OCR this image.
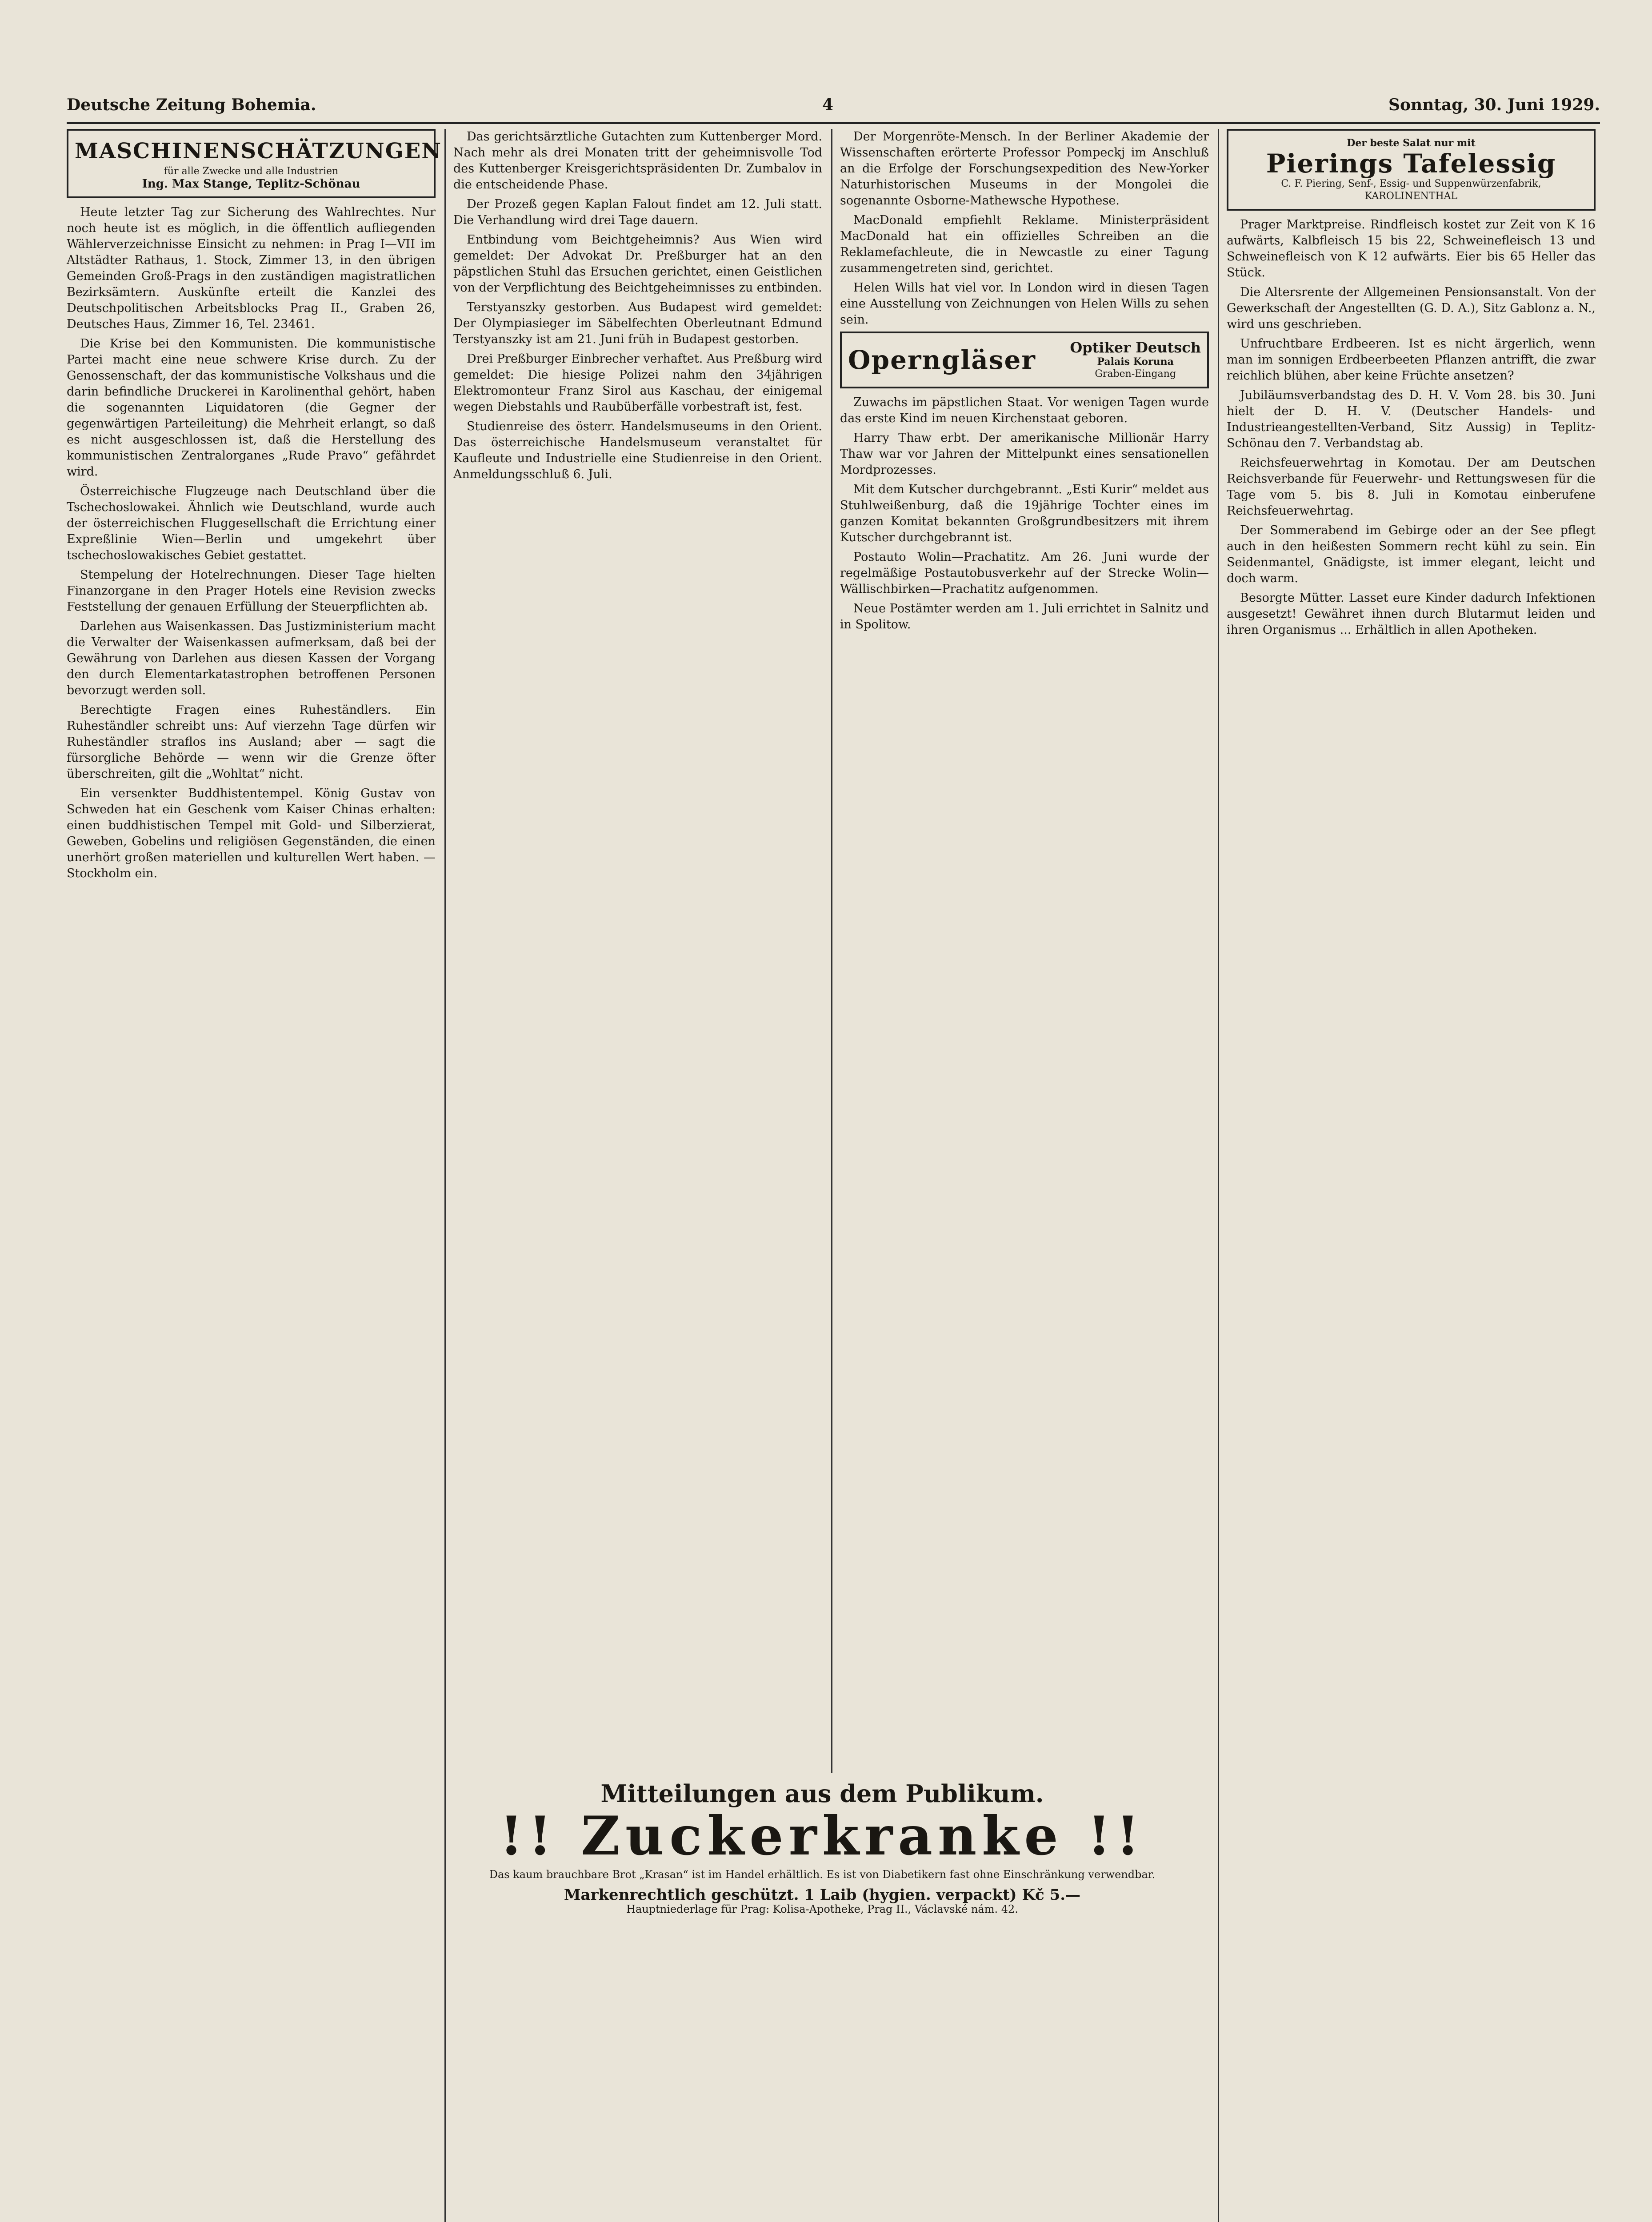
Deutsche Zeitung Bohemia.	4	Sonntag, 30. Juni 1929.
MASCHINENSCHÄTZUNGEN
für alle Zwecke und alle Industrien
Ing. Max Stange, Teplitz-Schönau

Heute letzter Tag zur Sicherung des Wahlrechtes. Nur noch heute ist es möglich, in die öffentlich aufliegenden Wählerverzeichnisse Einsicht zu nehmen: in Prag I—VII im Altstädter Rathaus, 1. Stock, Zimmer 13, in den übrigen Gemeinden Groß-Prags in den zuständigen magistratlichen Bezirksämtern. Auskünfte erteilt die Kanzlei des Deutschpolitischen Arbeitsblocks Prag II., Graben 26, Deutsches Haus, Zimmer 16, Tel. 23461.

Die Krise bei den Kommunisten. Die kommunistische Partei macht eine neue schwere Krise durch. Zu der Genossenschaft, der das kommunistische Volkshaus und die darin befindliche Druckerei in Karolinenthal gehört, haben die sogenannten Liquidatoren (die Gegner der gegenwärtigen Parteileitung) die Mehrheit erlangt, so daß es nicht ausgeschlossen ist, daß die Herstellung des kommunistischen Zentralorganes „Rude Pravo“ gefährdet wird.

Österreichische Flugzeuge nach Deutschland über die Tschechoslowakei. Ähnlich wie Deutschland, wurde auch der österreichischen Fluggesellschaft die Errichtung einer Expreßlinie Wien—Berlin und umgekehrt über tschechoslowakisches Gebiet gestattet.

Stempelung der Hotelrechnungen. Dieser Tage hielten Finanzorgane in den Prager Hotels eine Revision zwecks Feststellung der genauen Erfüllung der Steuerpflichten ab.

Darlehen aus Waisenkassen. Das Justizministerium macht die Verwalter der Waisenkassen aufmerksam, daß bei der Gewährung von Darlehen aus diesen Kassen der Vorgang den durch Elementarkatastrophen betroffenen Personen bevorzugt werden soll.

Berechtigte Fragen eines Ruheständlers. Ein Ruheständler schreibt uns: Auf vierzehn Tage dürfen wir Ruheständler straflos ins Ausland; aber — sagt die fürsorgliche Behörde — wenn wir die Grenze öfter überschreiten, gilt die „Wohltat“ nicht.

Ein versenkter Buddhistentempel. König Gustav von Schweden hat ein Geschenk vom Kaiser Chinas erhalten: einen buddhistischen Tempel mit Gold- und Silberzierat, Geweben, Gobelins und religiösen Gegenständen, die einen unerhört großen materiellen und kulturellen Wert haben. — Stockholm ein.

Das gerichtsärztliche Gutachten zum Kuttenberger Mord. Nach mehr als drei Monaten tritt der geheimnisvolle Tod des Kuttenberger Kreisgerichtspräsidenten Dr. Zumbalov in die entscheidende Phase.

Der Prozeß gegen Kaplan Falout findet am 12. Juli statt. Die Verhandlung wird drei Tage dauern.

Entbindung vom Beichtgeheimnis? Aus Wien wird gemeldet: Der Advokat Dr. Preßburger hat an den päpstlichen Stuhl das Ersuchen gerichtet, einen Geistlichen von der Verpflichtung des Beichtgeheimnisses zu entbinden.

Terstyanszky gestorben. Aus Budapest wird gemeldet: Der Olympiasieger im Säbelfechten Oberleutnant Edmund Terstyanszky ist am 21. Juni früh in Budapest gestorben.

Drei Preßburger Einbrecher verhaftet. Aus Preßburg wird gemeldet: Die hiesige Polizei nahm den 34jährigen Elektromonteur Franz Sirol aus Kaschau, der einigemal wegen Diebstahls und Raubüberfälle vorbestraft ist, fest.

Studienreise des österr. Handelsmuseums in den Orient. Das österreichische Handelsmuseum veranstaltet für Kaufleute und Industrielle eine Studienreise in den Orient. Anmeldungsschluß 6. Juli.

Der Morgenröte-Mensch. In der Berliner Akademie der Wissenschaften erörterte Professor Pompeckj im Anschluß an die Erfolge der Forschungsexpedition des New-Yorker Naturhistorischen Museums in der Mongolei die sogenannte Osborne-Mathewsche Hypothese.

MacDonald empfiehlt Reklame. Ministerpräsident MacDonald hat ein offizielles Schreiben an die Reklamefachleute, die in Newcastle zu einer Tagung zusammengetreten sind, gerichtet.

Helen Wills hat viel vor. In London wird in diesen Tagen eine Ausstellung von Zeichnungen von Helen Wills zu sehen sein.

Operngläser Optiker Deutsch
Palais Koruna
Graben-Eingang

Zuwachs im päpstlichen Staat. Vor wenigen Tagen wurde das erste Kind im neuen Kirchenstaat geboren.

Harry Thaw erbt. Der amerikanische Millionär Harry Thaw war vor Jahren der Mittelpunkt eines sensationellen Mordprozesses.

Mit dem Kutscher durchgebrannt. „Esti Kurir“ meldet aus Stuhlweißenburg, daß die 19jährige Tochter eines im ganzen Komitat bekannten Großgrundbesitzers mit ihrem Kutscher durchgebrannt ist.

Postauto Wolin—Prachatitz. Am 26. Juni wurde der regelmäßige Postautobusverkehr auf der Strecke Wolin—Wällischbirken—Prachatitz aufgenommen.

Neue Postämter werden am 1. Juli errichtet in Salnitz und in Spolitow.

Der beste Salat nur mit
Pierings Tafelessig
C. F. Piering, Senf-, Essig- und Suppenwürzenfabrik, KAROLINENTHAL

Prager Marktpreise. Rindfleisch kostet zur Zeit von K 16 aufwärts, Kalbfleisch 15 bis 22, Schweinefleisch 13 und Schweinefleisch von K 12 aufwärts. Eier bis 65 Heller das Stück.

Die Altersrente der Allgemeinen Pensionsanstalt. Von der Gewerkschaft der Angestellten (G. D. A.), Sitz Gablonz a. N., wird uns geschrieben.

Unfruchtbare Erdbeeren. Ist es nicht ärgerlich, wenn man im sonnigen Erdbeerbeeten Pflanzen antrifft, die zwar reichlich blühen, aber keine Früchte ansetzen?

Jubiläumsverbandstag des D. H. V. Vom 28. bis 30. Juni hielt der D. H. V. (Deutscher Handels- und Industrieangestellten-Verband, Sitz Aussig) in Teplitz-Schönau den 7. Verbandstag ab.

Reichsfeuerwehrtag in Komotau. Der am Deutschen Reichsverbande für Feuerwehr- und Rettungswesen für die Tage vom 5. bis 8. Juli in Komotau einberufene Reichsfeuerwehrtag.

Der Sommerabend im Gebirge oder an der See pflegt auch in den heißesten Sommern recht kühl zu sein. Ein Seidenmantel, Gnädigste, ist immer elegant, leicht und doch warm.

Besorgte Mütter. Lasset eure Kinder dadurch Infektionen ausgesetzt! Gewähret ihnen durch Blutarmut leiden und ihren Organismus ... Erhältlich in allen Apotheken.

Mitteilungen aus dem Publikum.
!! Zuckerkranke !!
Das kaum brauchbare Brot „Krasan“ ist im Handel erhältlich. Es ist von Diabetikern fast ohne Einschränkung verwendbar.
Markenrechtlich geschützt. 1 Laib (hygien. verpackt) Kč 5.—
Hauptniederlage für Prag: Kolisa-Apotheke, Prag II., Václavské nám. 42.
